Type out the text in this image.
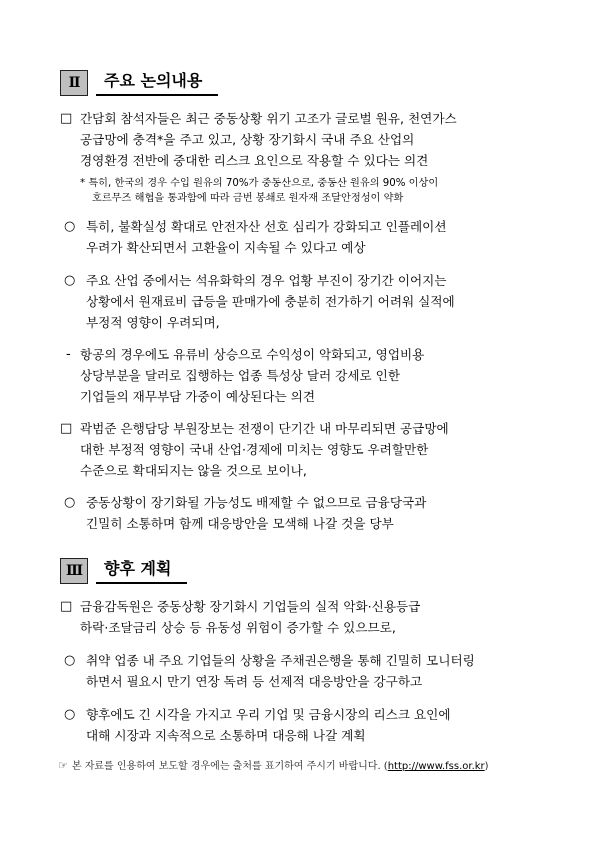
Ⅱ	주요 논의내용
□ 간담회 참석자들은 최근 중동상황 위기 고조가 글로벌 원유, 천연가스
공급망에 충격*을 주고 있고, 상황 장기화시 국내 주요 산업의
경영환경 전반에 중대한 리스크 요인으로 작용할 수 있다는 의견
* 특히, 한국의 경우 수입 원유의 70%가 중동산으로, 중동산 원유의 90% 이상이
호르무즈 해협을 통과함에 따라 금번 봉쇄로 원자재 조달안정성이 약화
○ 특히, 불확실성 확대로 안전자산 선호 심리가 강화되고 인플레이션
우려가 확산되면서 고환율이 지속될 수 있다고 예상
○ 주요 산업 중에서는 석유화학의 경우 업황 부진이 장기간 이어지는
상황에서 원재료비 급등을 판매가에 충분히 전가하기 어려워 실적에
부정적 영향이 우려되며,
- 항공의 경우에도 유류비 상승으로 수익성이 악화되고, 영업비용
상당부분을 달러로 집행하는 업종 특성상 달러 강세로 인한
기업들의 재무부담 가중이 예상된다는 의견
□ 곽범준 은행담당 부원장보는 전쟁이 단기간 내 마무리되면 공급망에
대한 부정적 영향이 국내 산업·경제에 미치는 영향도 우려할만한
수준으로 확대되지는 않을 것으로 보이나,
○ 중동상황이 장기화될 가능성도 배제할 수 없으므로 금융당국과
긴밀히 소통하며 함께 대응방안을 모색해 나갈 것을 당부
Ⅲ	향후 계획
□ 금융감독원은 중동상황 장기화시 기업들의 실적 악화·신용등급
하락·조달금리 상승 등 유동성 위험이 증가할 수 있으므로,
○ 취약 업종 내 주요 기업들의 상황을 주채권은행을 통해 긴밀히 모니터링
하면서 필요시 만기 연장 독려 등 선제적 대응방안을 강구하고
○ 향후에도 긴 시각을 가지고 우리 기업 및 금융시장의 리스크 요인에
대해 시장과 지속적으로 소통하며 대응해 나갈 계획
☞ 본 자료를 인용하여 보도할 경우에는 출처를 표기하여 주시기 바랍니다. (http://www.fss.or.kr)
